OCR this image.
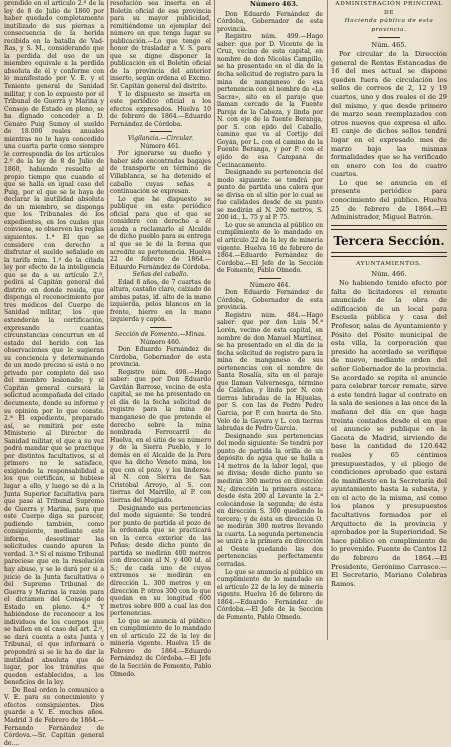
prendido en el artículo 2.º de la ley de 8 de Julio de 1860 por haber quedado completamente inutilizado de sus piernas a consecuencia de la herida recibida en la batalla de Vad-Ras, y S. M., considerando que la perdida del uso de un miembro equivale a la perdida absoluta de él y conforme con lo manifestado por V. E. y el Teniente general de Sanidad militar, y con lo expuesto por el Tribunal de Guerra y Marina y Consejo de Estado en pleno, se ha dignado conceder a D. Genaro Puig Sumoy el sueldo de 18.000 reales anuales mientras no le haya concedido una cuarta parte como siempre le correspondía de los artículos 2.º de la ley de 8 de Julio de 1860, habiendo resuelto al propio tiempo que cuando el que se halla en igual caso del Puig, por el que se le haya de declarar la inutilidad absoluta de un miembro, se disponga que los Tribunales de los expedientes, en los cuales que conviene, se observen las reglas siguientes. 1.ª El que se considere con derecho a disfrutar el sueldo señalado en la tarifa núm. 1.º de la citada ley por efecto de la inteligencia que se da a su artículo 2.º, pedirá al Capitán general del distrito en donde resida, que disponga el reconocimiento por tres médicos del Cuerpo de Sanidad militar, los que extenderán la certificación, expresando cuantas circunstancias concurran en el estado del herido con las observaciones que le sugieran su conciencia y determinando de un modo preciso si está o no privado por completo del uso del miembro lesionado; y el Capitán general cursará la solicitud acompañada del citado documento, donde su informe y su opinión por lo que conste. 2.ª El expediente, preparado así, se remitirá por este Ministerio al Director de Sanidad militar, el que a su vez podrá mandar que se practique por distintos facultativos, si el primero no le satisface, exigiendo la responsabilidad a los que certifican, si hubiese lugar a ello, y luego se dé a la Junta Superior facultativa para que pase al Tribunal Supremo de Guerra y Marina, para que este Cuerpo diga su parecer, pudiendo también, como consiguiente, mediante este informe, desestimar las solicitudes cuando apuren la verdad. 3.ª Si el mismo Tribunal pareciese que en la resolución hay abuso, y se le dará por si a juicio de la Junta facultativa o del Supremo Tribunal de Guerra y Marina la razón para el dictamen del Consejo de Estado en pleno. 4.ª Y habiéndose de reconocer a los individuos de los cuerpos que se hallen en el caso del art. 2.º, se dará cuenta a esta Junta y Tribunal, el que informará o propondrá si se le ha de dar la inutilidad absoluta que dé lugar, por los trámites que queden establecidos, a los beneficios de la ley.

De Real orden lo comunico a V. E. para su conocimiento y efectos consiguientes. Dios guarde a V. E. muchos años. Madrid 3 de Febrero de 1864.—Fernando Fernández de Córdova.—Sr. Capitán general de....

resolución sea inserta en el Boletín oficial de esa provincia para su mayor publicidad, remitiéndome un ejemplar del número en que tenga lugar su publicación.—Lo que tengo el honor de trasladar a V. S. para que se digne disponer la publicación en el Boletín oficial de la provincia del anterior inserto, según ordena el Excmo. Sr. Capitán general del distrito.

Y lo dispuesto se inserta en este periódico oficial a los efectos expresados. Huelva 10 de febrero de 1864.—Eduardo Fernández de Córdoba.

Vigilancia.—Circular.

Número 461.

Por ignorarse su dueño y haber sido encontradas bagajes de transporte en término de Villablanca, se ha detenido el caballo cuyas señas a continuación se expresan.

Lo que he dispuesto se publique en este periódico oficial para que el que se considere con derecho a él acuda a reclamarlo al Alcalde de dicho pueblo para su entrega al que se le dé la forma que acredite su pertenencia. Huelva 22 de febrero de 1864.—Eduardo Fernández de Córdoba.

Señas del caballo.

Edad 8 años, de 7 cuartas de altura, castaño claro, calzado de ambas patas, id. alto de la mano izquierda, pelos blancos en la frente, hierro en la mano izquierda y capón.

Sección de Fomento.—Minas.

Número 460.

Don Eduardo Fernández de Córdoba, Gobernador de esta provincia.

Registro núm. 498.—Hago saber: que por Don Eduardo Gavilán Barroso, vecino de esta capital, se me ha presentado en el día de la fecha solicitud de registro para la mina de manganeso de que pretende el derecho sobre la mina nombrada Ferrocarril de Huelva, en el sitio de su número y de la Sierra Pueblo, y lo demás en el Alcalde de la Pera que ha dicho Veneto mina, los que con el pozo, y los linderos: al N. con Sierra de San Cristóbal Arroyo, al S. con tierras del Marrillo, al P. con tierras del Mugiado.

Designando sus pertenencias del modo siguiente: Se tendrá por punto de partida el pozo de la ordenada que se practicará en la cerca exterior de las Peñas; desde dicho punto de partida se medirán 400 metros con dirección al N. y 400 id. al S.; de cada uno de cuyos extremos se medirán en dirección L. 300 metros y en dirección P. otros 300 con lo que quedan en su longitud 600 metros sobre 800 a cual las dos pertenencias.

Lo que se anuncia al público en cumplimiento de lo mandado en el artículo 22 de la ley de minería vigente. Huelva 15 de Febrero de 1864.—Eduardo Fernández de Córdoba.—El Jefe de la Sección de Fomento, Pablo Olmedo.

Número 463.

Don Eduardo Fernández de Córdoba, Gobernador de esta provincia.

Registro núm. 499.—Hago saber: que por D. Vicente de la Cruz, vecino de esta capital, en nombre de don Nicolás Campillo, se ha presentado en el día de la fecha solicitud de registro para la mina de manganeso de esa pertenencia con el nombre de «La Sacra», sito en el paraje que llaman cercado de la Fuente Pareja de la Cabeza, y linda por N. con eje de la fuente Beranga, por S. con ejido del Caballo, camino que va al Cortijo del Goyán, por L. con el camino de la Fuente Beranga, y por P. con el ejido de esa Campana de Cecinacamente.

Designando su pertenencia del modo siguiente: se tendrá por punto de partida una calera que se divisa en el sitio por lo cual se fue calidades desde de su punto se medirán al N. 200 metros, S. 200 id., L. 75 y al P. 75.

Lo que se anuncia al público en cumplimiento de lo mandado en el artículo 22 de la ley de minería vigente. Huelva 16 de febrero de 1864.—Eduardo Fernández de Córdoba.—El Jefe de la Sección de Fomento, Pablo Olmedo.

Número 464.

Don Eduardo Fernández de Córdoba, Gobernador de esta provincia.

Registro núm. 484.—Hago saber: que por don Luis M.ª Lorén, vecino de esta capital, en nombre de don Manuel Martínez, se ha presentado en el día de la fecha solicitud de registro para la mina de manganeso de sus pertenencias con el nombre de Santa Rosalía, sita en el paraje que llaman Valvernesga, término de Calañas, y linda por N. con tierras labradas de la Hijuelas, por S. con las de Pedro Pedro Garcia, por P. con huerta de Sto. Velo de la Gayera y L. con tierras labradas de Pedro Garcia.

Designando sus pertenencias del modo siguiente: Se tendrá por punto de partida la orilla de un depósito de agua que se halla a 14 metros de la labor legal, que se divisa; desde dicho punto se medirán 300 metros en dirección N.; dirección la primera estaca: desde ésta 200 al Levante la 2.ª colocándose la segunda; de ésta en dirección S. 300 quedando la tercera; y de ésta en dirección O. se medirán 300 metros llevando la cuarta. La segunda pertenencia se unirá a la primera en dirección al Oeste quedando las dos pertenencias perfectamente cerradas.

Lo que se anuncia al público en cumplimiento de lo mandado en el artículo 22 de la ley de minería vigente. Huelva 16 de febrero de 1864.—Eduardo Fernández de Córdoba.—El Jefe de la Sección de Fomento, Pablo Olmedo.

ADMINISTRACIÓN PRINCIPAL DE

Hacienda pública de esta provincia.

Núm. 465.

Por circular de la Dirección general de Rentas Estancadas de 16 del mes actual se dispone queden fuera de circulación los sellos de correos de 2, 12 y 19 cuartos, uno y dos reales el de 29 del mismo, y que desde primero de marzo sean reemplazados con otros nuevos que expresa el año. El canje de dichos sellos tendrá lugar en el expresado mes de marzo bajo las mismas formalidades que se ha verificado en enero con los de cuatro cuartos.

Lo que se anuncia en el presente periódico para conocimiento del público. Huelva 25 de febrero de 1864.—El Administrador, Miguel Batrón.

Tercera Sección.

AYUNTAMIENTOS.

Núm. 466.

No habiendo tenido efecto por falta de licitadores el remate anunciado de la obra de edificación de un local para Escuela pública y casa del Profesor, salas de Ayuntamiento y Pósito del Pósito municipal de esta villa, la corporación que presido ha acordado se verifique de nuevo, mediante orden del señor Gobernador de la provincia. Se acordado se repita el anuncio para celebrar tercer remate, sirve a este tendrá lugar el contrato en la sala de sesiones a las once de la mañana del día en que haga treinta contados desde el en que el anuncio se publique en la Gaceta de Madrid, sirviendo de base la cantidad de 120.642 reales y 65 céntimos presupuestados, y el pliego de condiciones aprobado que estará de manifiesto en la Secretaría del ayuntamiento hasta la subasta, y en el acto de la misma, así como los planos y presupuestos facultativos formados por el Arquitecto de la provincia y aprobados por la Superioridad. Se hace público en cumplimiento de lo prevenido. Fuente de Cantos 12 de febrero de 1864.—El Presidente, Gerónimo Carrasco.—El Secretario, Mariano Colebras Ramos.
